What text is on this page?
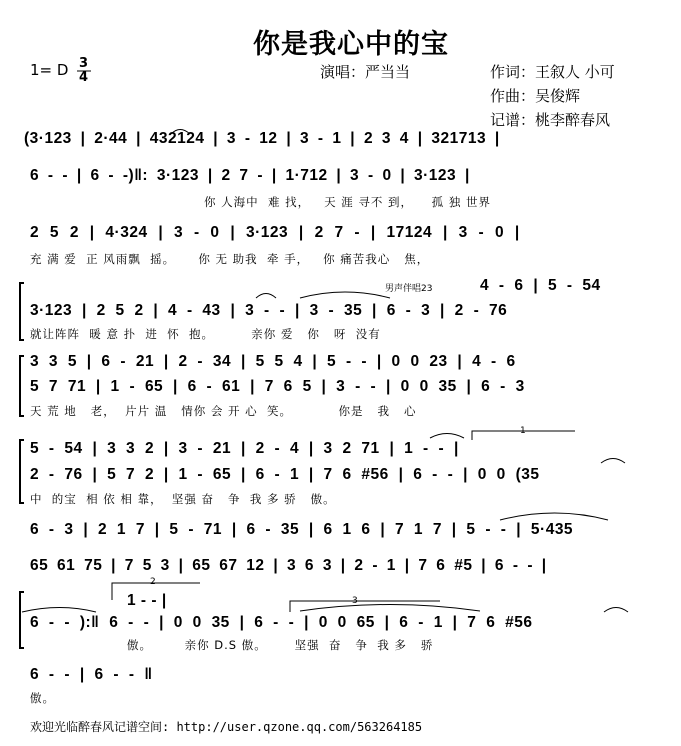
你是我心中的宝
1= D 3
4	演唱：严当当	作词：王叙人 小可
作曲：吴俊辉
记谱：桃李醉春风
(3·123 | 2·44 | 432124 | 3 - 12 | 3 - 1 | 2 3 4 | 321713 |
6 - - | 6 - -)‖: 3·123 | 2 7 - | 1·712 | 3 - 0 | 3·123 |
你 人海中  难 找，   天 涯 寻不 到，    孤 独 世界
2 5 2 | 4·324 | 3 - 0 | 3·123 | 2 7 - | 17124 | 3 - 0 |
充 满 爱  正 风雨飘  摇。     你 无 助我  牵 手，   你 痛苦我心   焦，
男声伴唱23	4 - 6 | 5 - 54
3·123 | 2 5 2 | 4 - 43 | 3 - - | 3 - 35 | 6 - 3 | 2 - 76
就让阵阵  暖 意 扑  进  怀  抱。        亲你 爱   你   呀  没有
3 3 5 | 6 - 21 | 2 - 34 | 5 5 4 | 5 - - | 0 0 23 | 4 - 6
5 7 71 | 1 - 65 | 6 - 61 | 7 6 5 | 3 - - | 0 0 35 | 6 - 3
天 荒 地   老，  片片 温   情你 会 开 心  笑。          你是   我   心
5 - 54 | 3 3 2 | 3 - 21 | 2 - 4 | 3 2 71 | 1 - - |
2 - 76 | 5 7 2 | 1 - 65 | 6 - 1 | 7 6 #56 | 6 - - | 0 0 (35
中  的宝  相 依 相 靠，  坚强 奋   争  我 多 骄   傲。
1
6 - 3 | 2 1 7 | 5 - 71 | 6 - 35 | 6 1 6 | 7 1 7 | 5 - - | 5·435
65 61 75 | 7 5 3 | 65 67 12 | 3 6 3 | 2 - 1 | 7 6 #5 | 6 - - |
2
3
1 - - |
6 - - ):‖ 6 - - | 0 0 35 | 6 - - | 0 0 65 | 6 - 1 | 7 6 #56
傲。       亲你 D.S 傲。      坚强  奋   争  我 多   骄
6 - - | 6 - - ‖
傲。
欢迎光临醉春风记谱空间: http://user.qzone.qq.com/563264185
